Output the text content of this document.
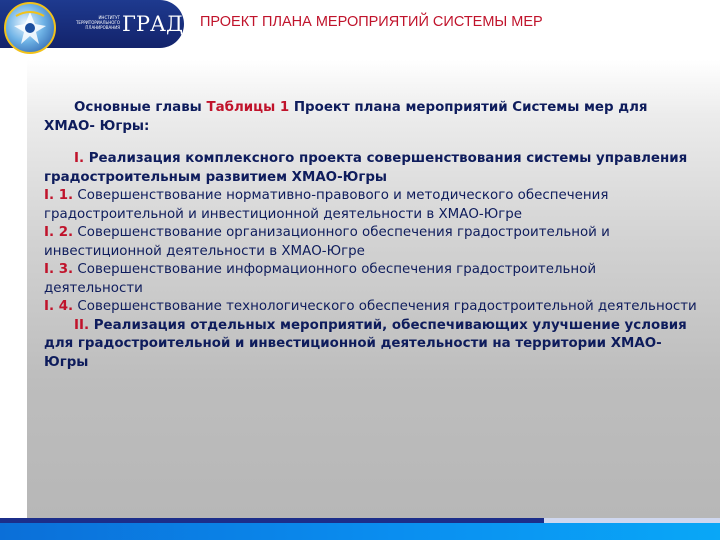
ИНСТИТУТ ТЕРРИТОРИАЛЬНОГО ПЛАНИРОВАНИЯ ГРАД ПРОЕКТ ПЛАНА МЕРОПРИЯТИЙ СИСТЕМЫ МЕР

Основные главы Таблицы 1 Проект плана мероприятий Системы мер для ХМАО- Югры:

I. Реализация комплексного проекта совершенствования системы управления градостроительным развитием ХМАО-Югры

I. 1. Совершенствование нормативно-правового и методического обеспечения градостроительной и инвестиционной деятельности в ХМАО-Югре

I. 2. Совершенствование организационного обеспечения градостроительной и инвестиционной деятельности в ХМАО-Югре

I. 3. Совершенствование информационного обеспечения градостроительной деятельности

I. 4. Совершенствование технологического обеспечения градостроительной деятельности

II. Реализация отдельных мероприятий, обеспечивающих улучшение условия для градостроительной и инвестиционной деятельности на территории ХМАО-Югры
